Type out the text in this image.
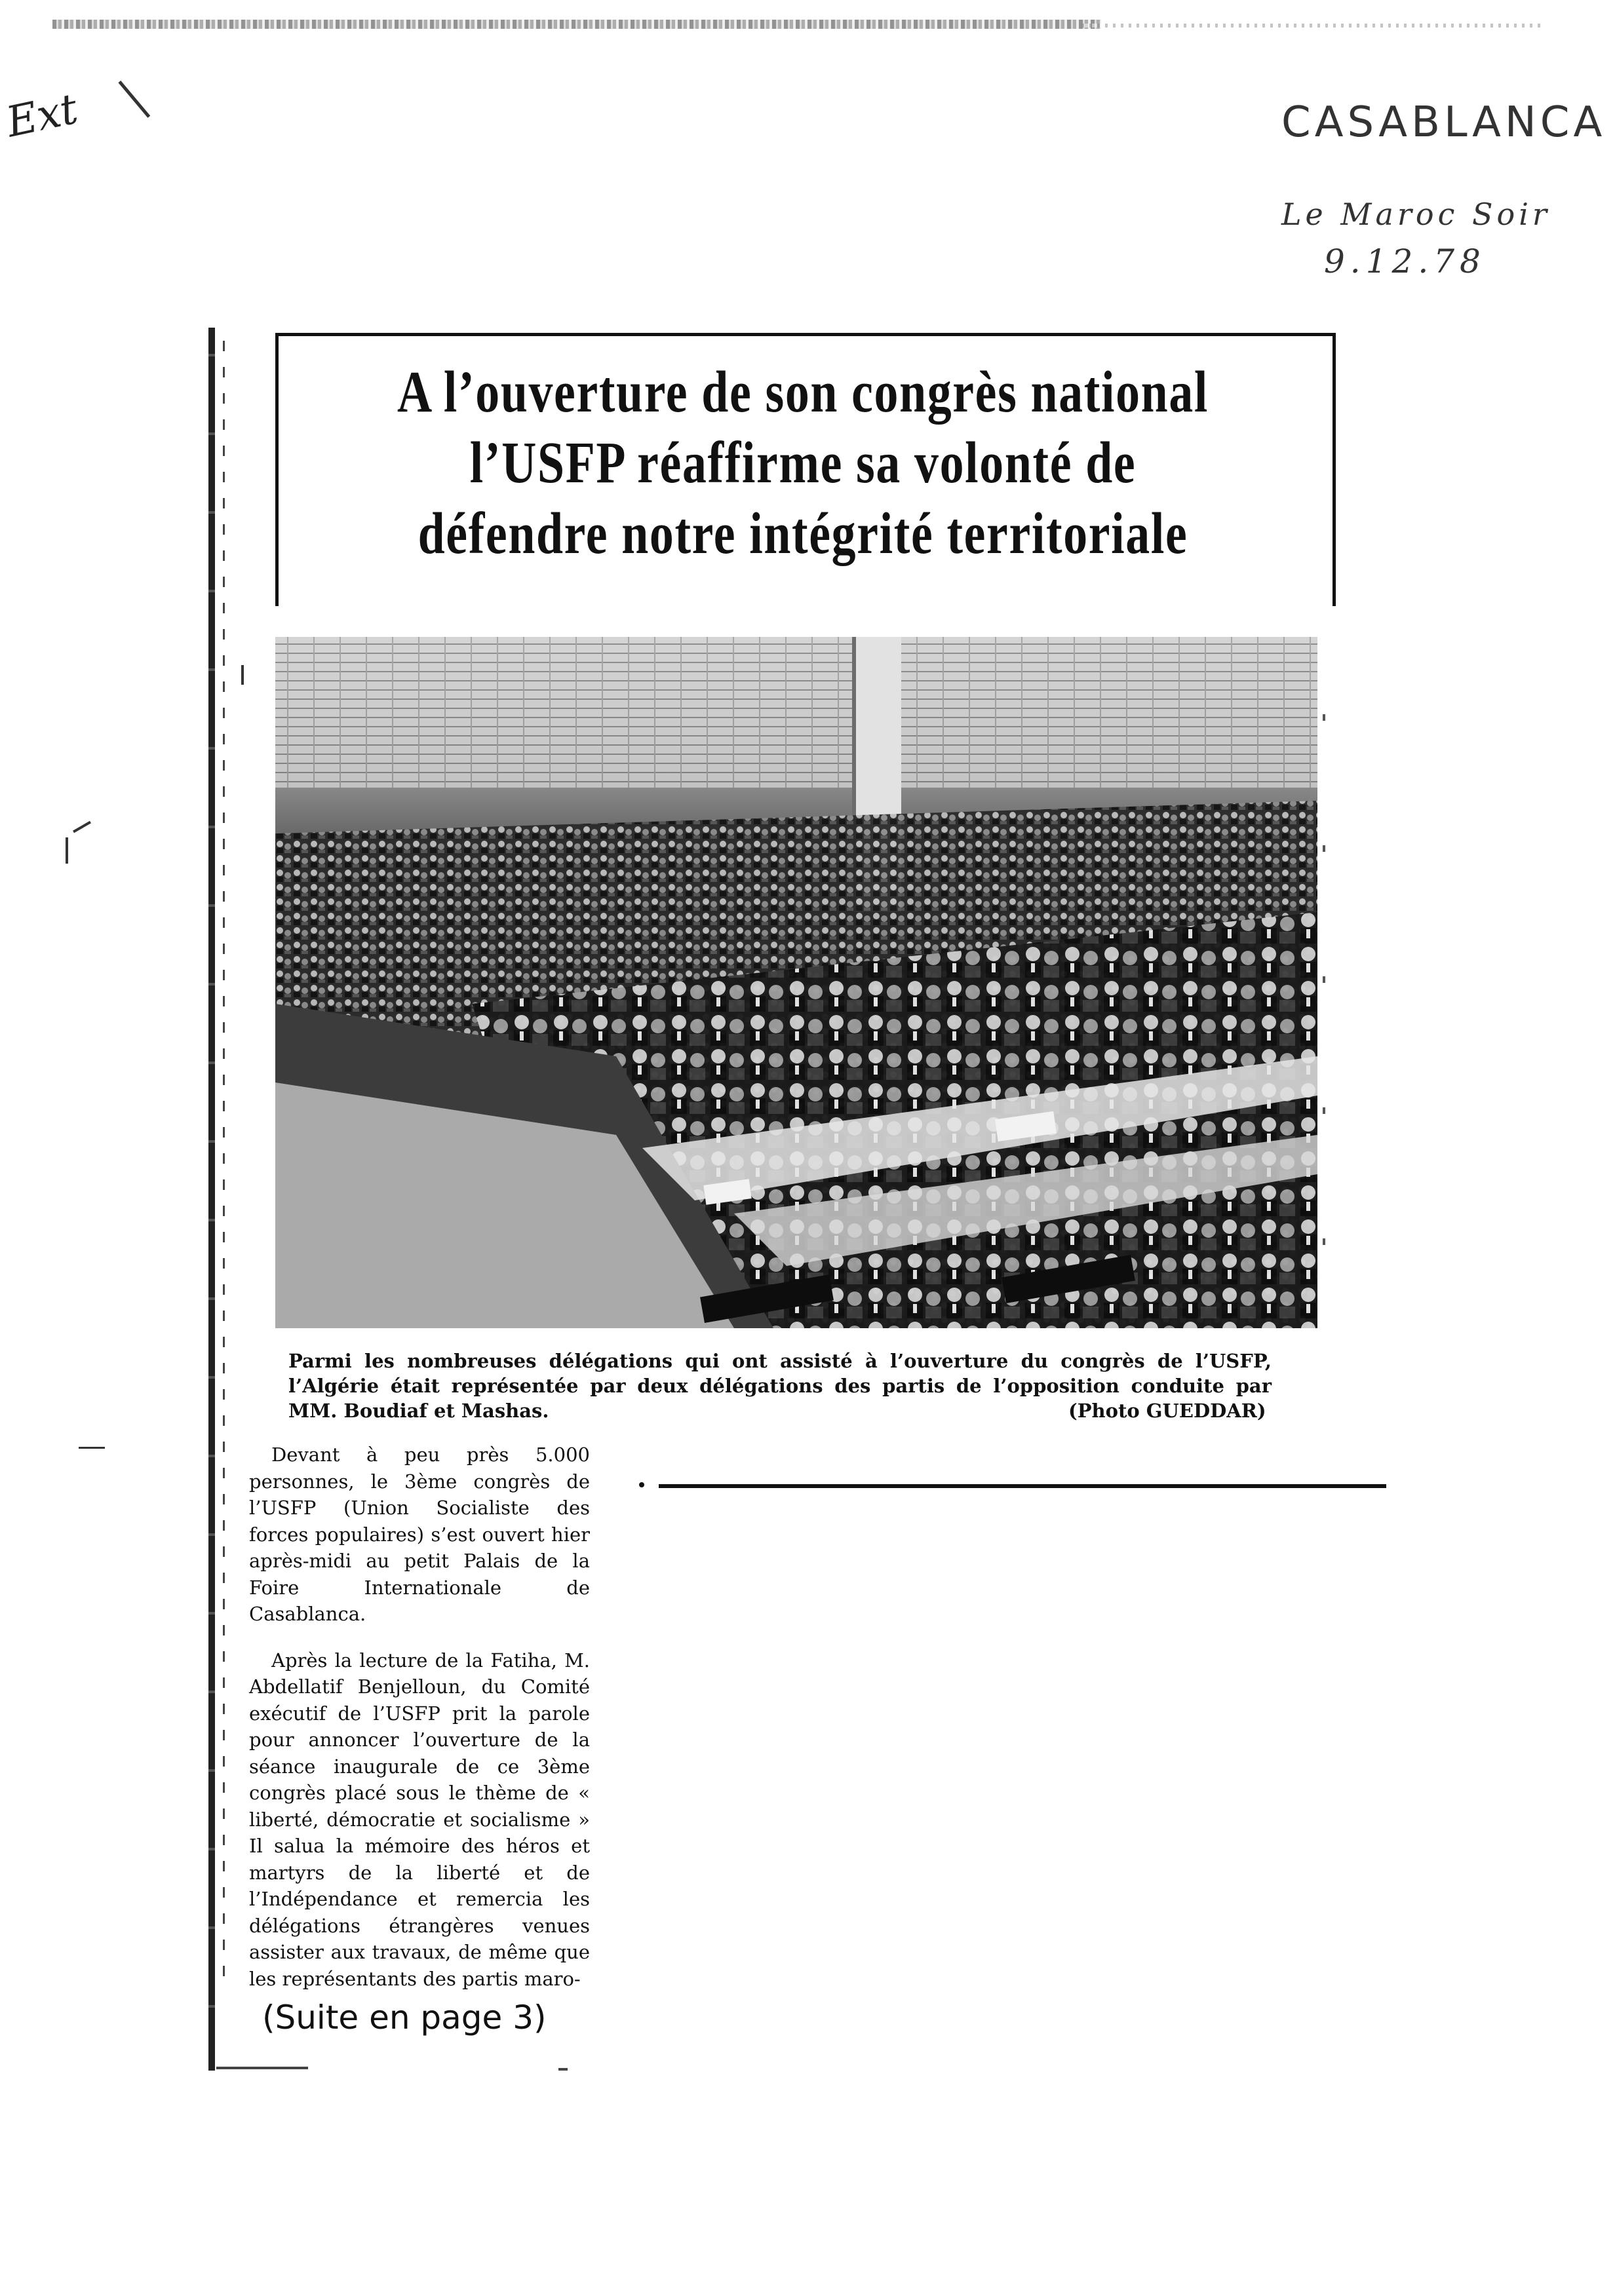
Ext	CASABLANCA
Le Maroc Soir
9.12.78
A l’ouverture de son congrès national
l’USFP réaffirme sa volonté de
défendre notre intégrité territoriale
Parmi les nombreuses délégations qui ont assisté à l’ouverture du congrès de l’USFP, l’Algérie était représentée par deux délégations des partis de l’opposition conduite par MM. Boudiaf et Mashas.	(Photo GUEDDAR)

Devant à peu près 5.000 personnes, le 3ème congrès de l’USFP (Union Socialiste des forces populaires) s’est ouvert hier après-midi au petit Palais de la Foire Internationale de Casablanca.

Après la lecture de la Fatiha, M. Abdellatif Benjelloun, du Comité exécutif de l’USFP prit la parole pour annoncer l’ouverture de la séance inaugurale de ce 3ème congrès placé sous le thème de « liberté, démocratie et socialisme » Il salua la mémoire des héros et martyrs de la liberté et de l’Indépendance et remercia les délégations étrangères venues assister aux travaux, de même que les représentants des partis maro-

(Suite en page 3)
